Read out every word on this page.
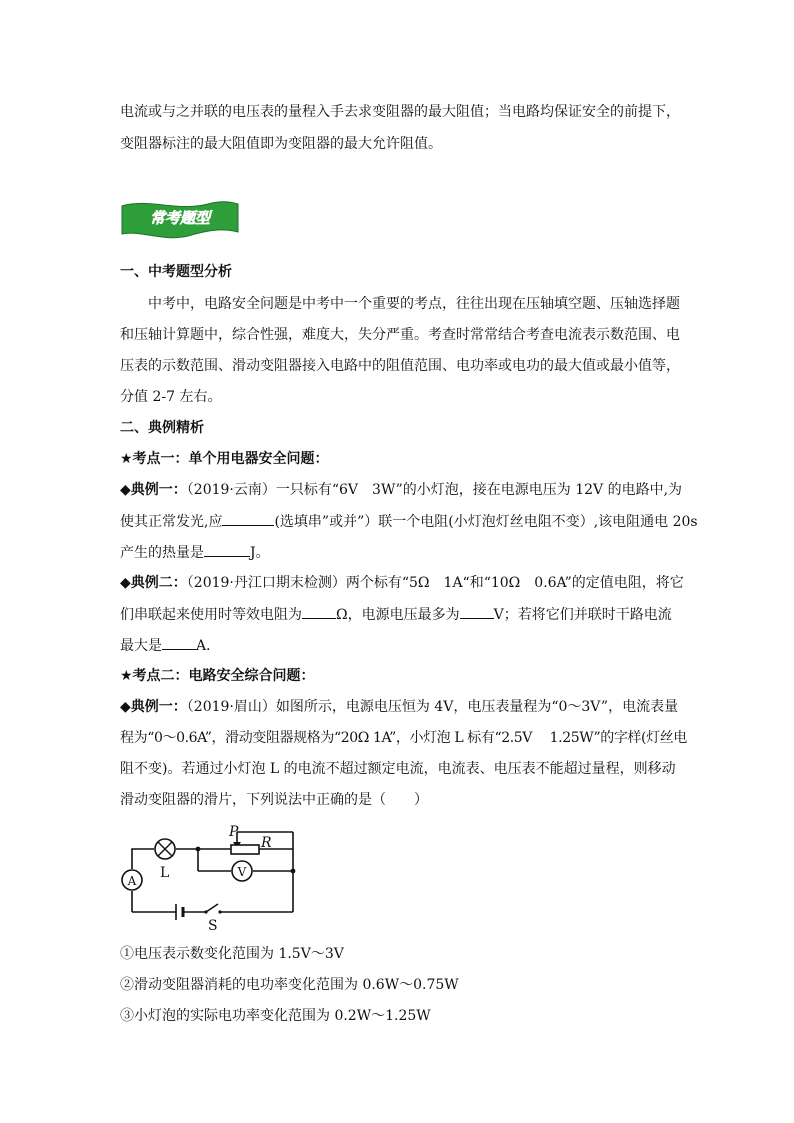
电流或与之并联的电压表的量程入手去求变阻器的最大阻值；当电路均保证安全的前提下，
变阻器标注的最大阻值即为变阻器的最大允许阻值。
常考题型
一、中考题型分析
中考中，电路安全问题是中考中一个重要的考点，往往出现在压轴填空题、压轴选择题
和压轴计算题中，综合性强，难度大，失分严重。考查时常常结合考查电流表示数范围、电
压表的示数范围、滑动变阻器接入电路中的阻值范围、电功率或电功的最大值或最小值等，
分值 2-7 左右。
二、典例精析
★考点一：单个用电器安全问题：
◆典例一：（2019·云南）一只标有“6V　3W”的小灯泡，接在电源电压为 12V 的电路中,为
使其正常发光,应	(选填串”或并”）联一个电阻(小灯泡灯丝电阻不变）,该电阻通电 20s
产生的热量是	J。
◆典例二：（2019·丹江口期末检测）两个标有“5Ω　1A“和“10Ω　0.6A”的定值电阻，将它
们串联起来使用时等效电阻为 Ω，电源电压最多为 V；若将它们并联时干路电流
最大是 A．
★考点二：电路安全综合问题：
◆典例一：（2019·眉山）如图所示，电源电压恒为 4V，电压表量程为“0～3V”，电流表量
程为“0～0.6A”，滑动变阻器规格为“20Ω 1A”，小灯泡 L 标有“2.5V　 1.25W”的字样(灯丝电
阻不变)。若通过小灯泡 L 的电流不超过额定电流，电流表、电压表不能超过量程，则移动
滑动变阻器的滑片，下列说法中正确的是（　　）
P
R
L
A
V
S
①电压表示数变化范围为 1.5V～3V
②滑动变阻器消耗的电功率变化范围为 0.6W～0.75W
③小灯泡的实际电功率变化范围为 0.2W～1.25W
